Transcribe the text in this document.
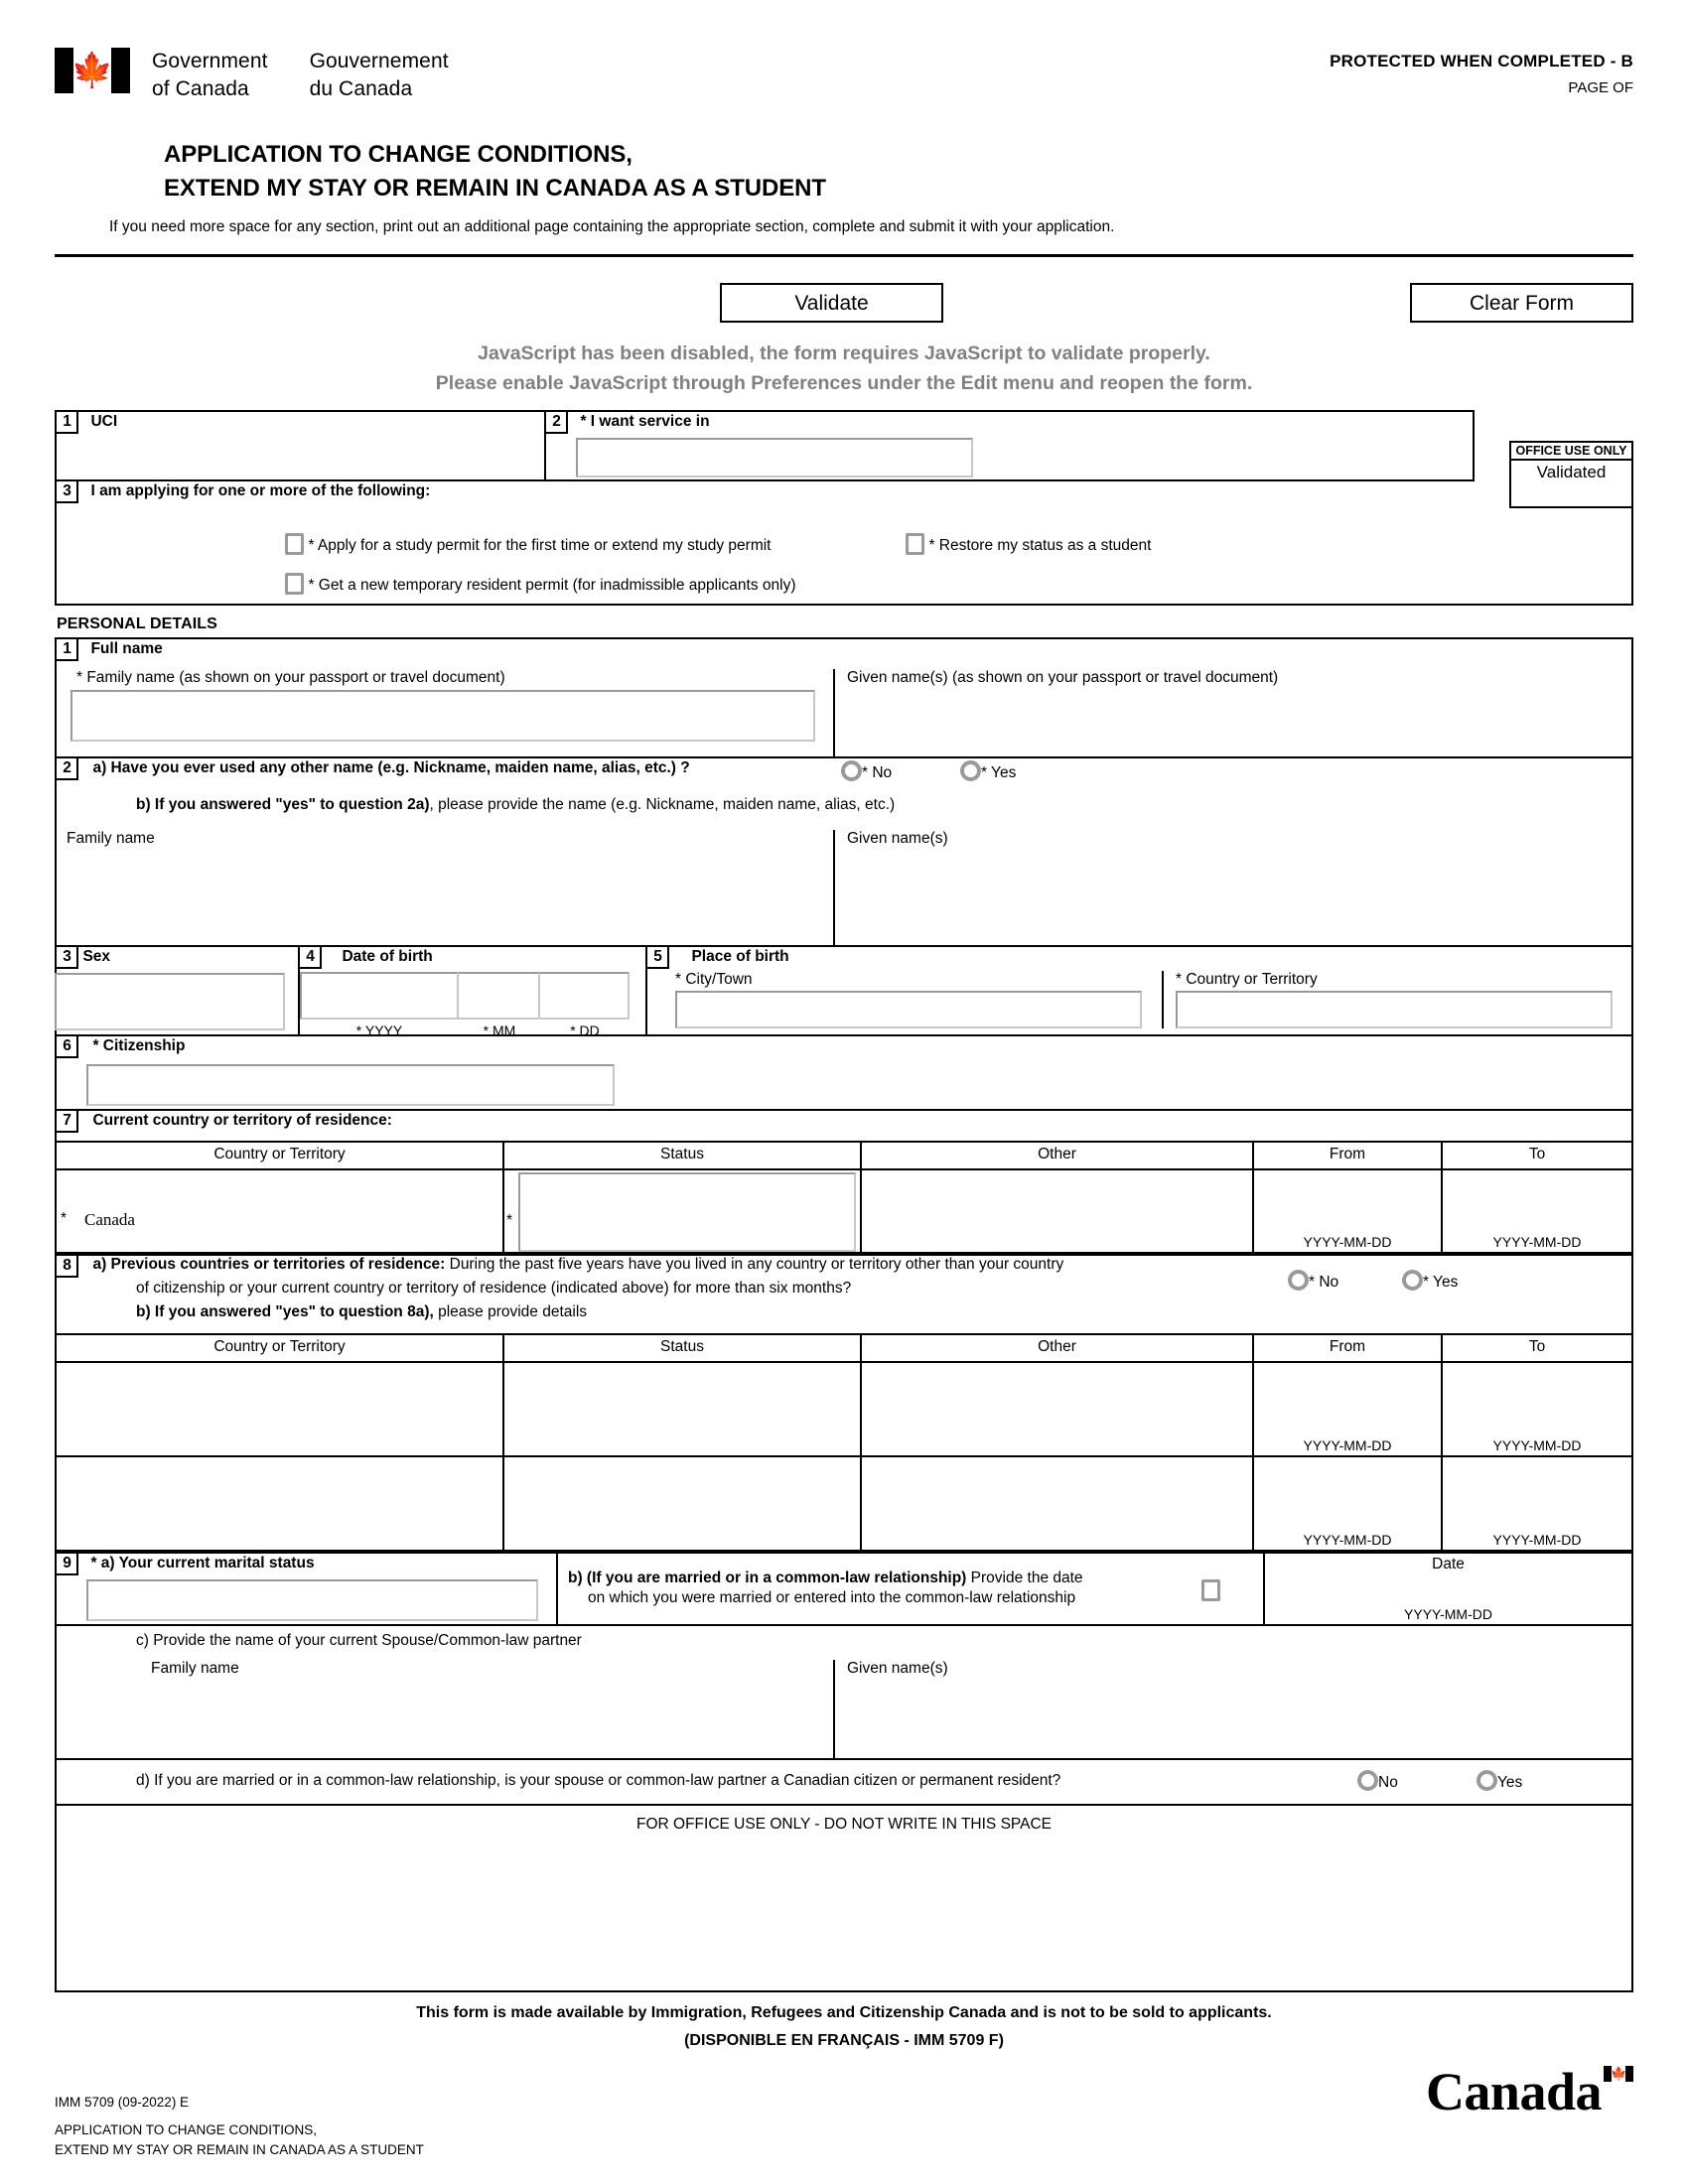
🍁 Government
of Canada
Gouvernement
du Canada
PROTECTED WHEN COMPLETED - B
PAGE OF
APPLICATION TO CHANGE CONDITIONS,
EXTEND MY STAY OR REMAIN IN CANADA AS A STUDENT
If you need more space for any section, print out an additional page containing the appropriate section, complete and submit it with your application.
Validate	Clear Form
JavaScript has been disabled, the form requires JavaScript to validate properly.
Please enable JavaScript through Preferences under the Edit menu and reopen the form.
OFFICE USE ONLY
Validated
1 UCI	2 * I want service in
3 I am applying for one or more of the following:
* Apply for a study permit for the first time or extend my study permit	* Restore my status as a student
* Get a new temporary resident permit (for inadmissible applicants only)
PERSONAL DETAILS
1 Full name
* Family name (as shown on your passport or travel document)	Given name(s) (as shown on your passport or travel document)
2 a) Have you ever used any other name (e.g. Nickname, maiden name, alias, etc.) ?	* No	* Yes
b) If you answered "yes" to question 2a), please provide the name (e.g. Nickname, maiden name, alias, etc.)
Family name	Given name(s)
3 Sex	4 Date of birth
* YYYY	* MM	* DD
5 Place of birth
* City/Town	* Country or Territory
6 * Citizenship
7 Current country or territory of residence:
Country or Territory	Status	Other	From	To

* Canada	*		YYYY-MM-DD	YYYY-MM-DD
8 a) Previous countries or territories of residence: During the past five years have you lived in any country or territory other than your country
of citizenship or your current country or territory of residence (indicated above) for more than six months?
b) If you answered "yes" to question 8a), please provide details
* No	* Yes
Country or Territory	Status	Other	From	To

			YYYY-MM-DD	YYYY-MM-DD

			YYYY-MM-DD	YYYY-MM-DD
9 * a) Your current marital status
b) (If you are married or in a common-law relationship) Provide the date
on which you were married or entered into the common-law relationship
Date
YYYY-MM-DD
c) Provide the name of your current Spouse/Common-law partner
Family name	Given name(s)
d) If you are married or in a common-law relationship, is your spouse or common-law partner a Canadian citizen or permanent resident?	No	Yes
FOR OFFICE USE ONLY - DO NOT WRITE IN THIS SPACE
This form is made available by Immigration, Refugees and Citizenship Canada and is not to be sold to applicants.
(DISPONIBLE EN FRANÇAIS - IMM 5709 F)
IMM 5709 (09-2022) E
APPLICATION TO CHANGE CONDITIONS,
EXTEND MY STAY OR REMAIN IN CANADA AS A STUDENT
Canada 🍁
